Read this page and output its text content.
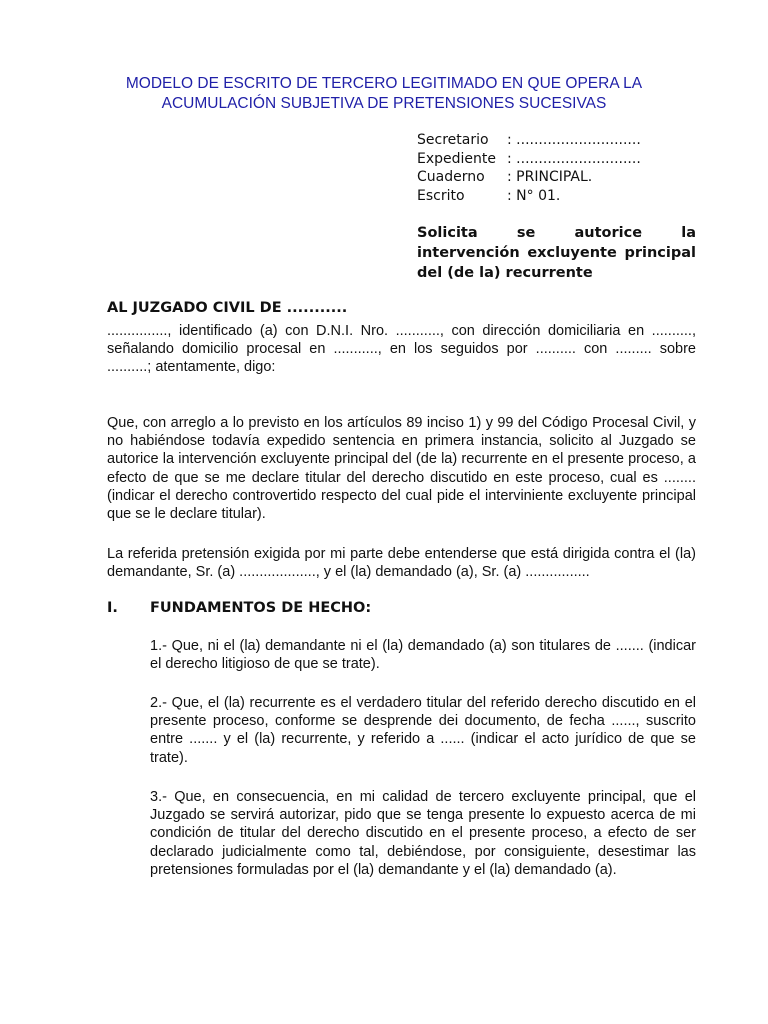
MODELO DE ESCRITO DE TERCERO LEGITIMADO EN QUE OPERA LA
ACUMULACIÓN SUBJETIVA DE PRETENSIONES SUCESIVAS
Secretario	: ............................
Expediente : ............................
Cuaderno	: PRINCIPAL.
Escrito	: N° 01.
Solicita se autorice la intervención excluyente principal del (de la) recurrente
AL JUZGADO CIVIL DE ...........

..............., identificado (a) con D.N.I. Nro. ..........., con dirección domiciliaria en .........., señalando domicilio procesal en ..........., en los seguidos por .......... con ......... sobre ..........; atentamente, digo:

Que, con arreglo a lo previsto en los artículos 89 inciso 1) y 99 del Código Procesal Civil, y no habiéndose todavía expedido sentencia en primera instancia, solicito al Juzgado se autorice la intervención excluyente principal del (de la) recurrente en el presente proceso, a efecto de que se me declare titular del derecho discutido en este proceso, cual es ........ (indicar el derecho controvertido respecto del cual pide el interviniente excluyente principal que se le declare titular).

La referida pretensión exigida por mi parte debe entenderse que está dirigida contra el (la) demandante, Sr. (a) ..................., y el (la) demandado (a), Sr. (a) ................

I. FUNDAMENTOS DE HECHO:

1.- Que, ni el (la) demandante ni el (la) demandado (a) son titulares de ....... (indicar el derecho litigioso de que se trate).

2.- Que, el (la) recurrente es el verdadero titular del referido derecho discutido en el presente proceso, conforme se desprende dei documento, de fecha ......, suscrito entre ....... y el (la) recurrente, y referido a ...... (indicar el acto jurídico de que se trate).

3.- Que, en consecuencia, en mi calidad de tercero excluyente principal, que el Juzgado se servirá autorizar, pido que se tenga presente lo expuesto acerca de mi condición de titular del derecho discutido en el presente proceso, a efecto de ser declarado judicialmente como tal, debiéndose, por consiguiente, desestimar las pretensiones formuladas por el (la) demandante y el (la) demandado (a).
